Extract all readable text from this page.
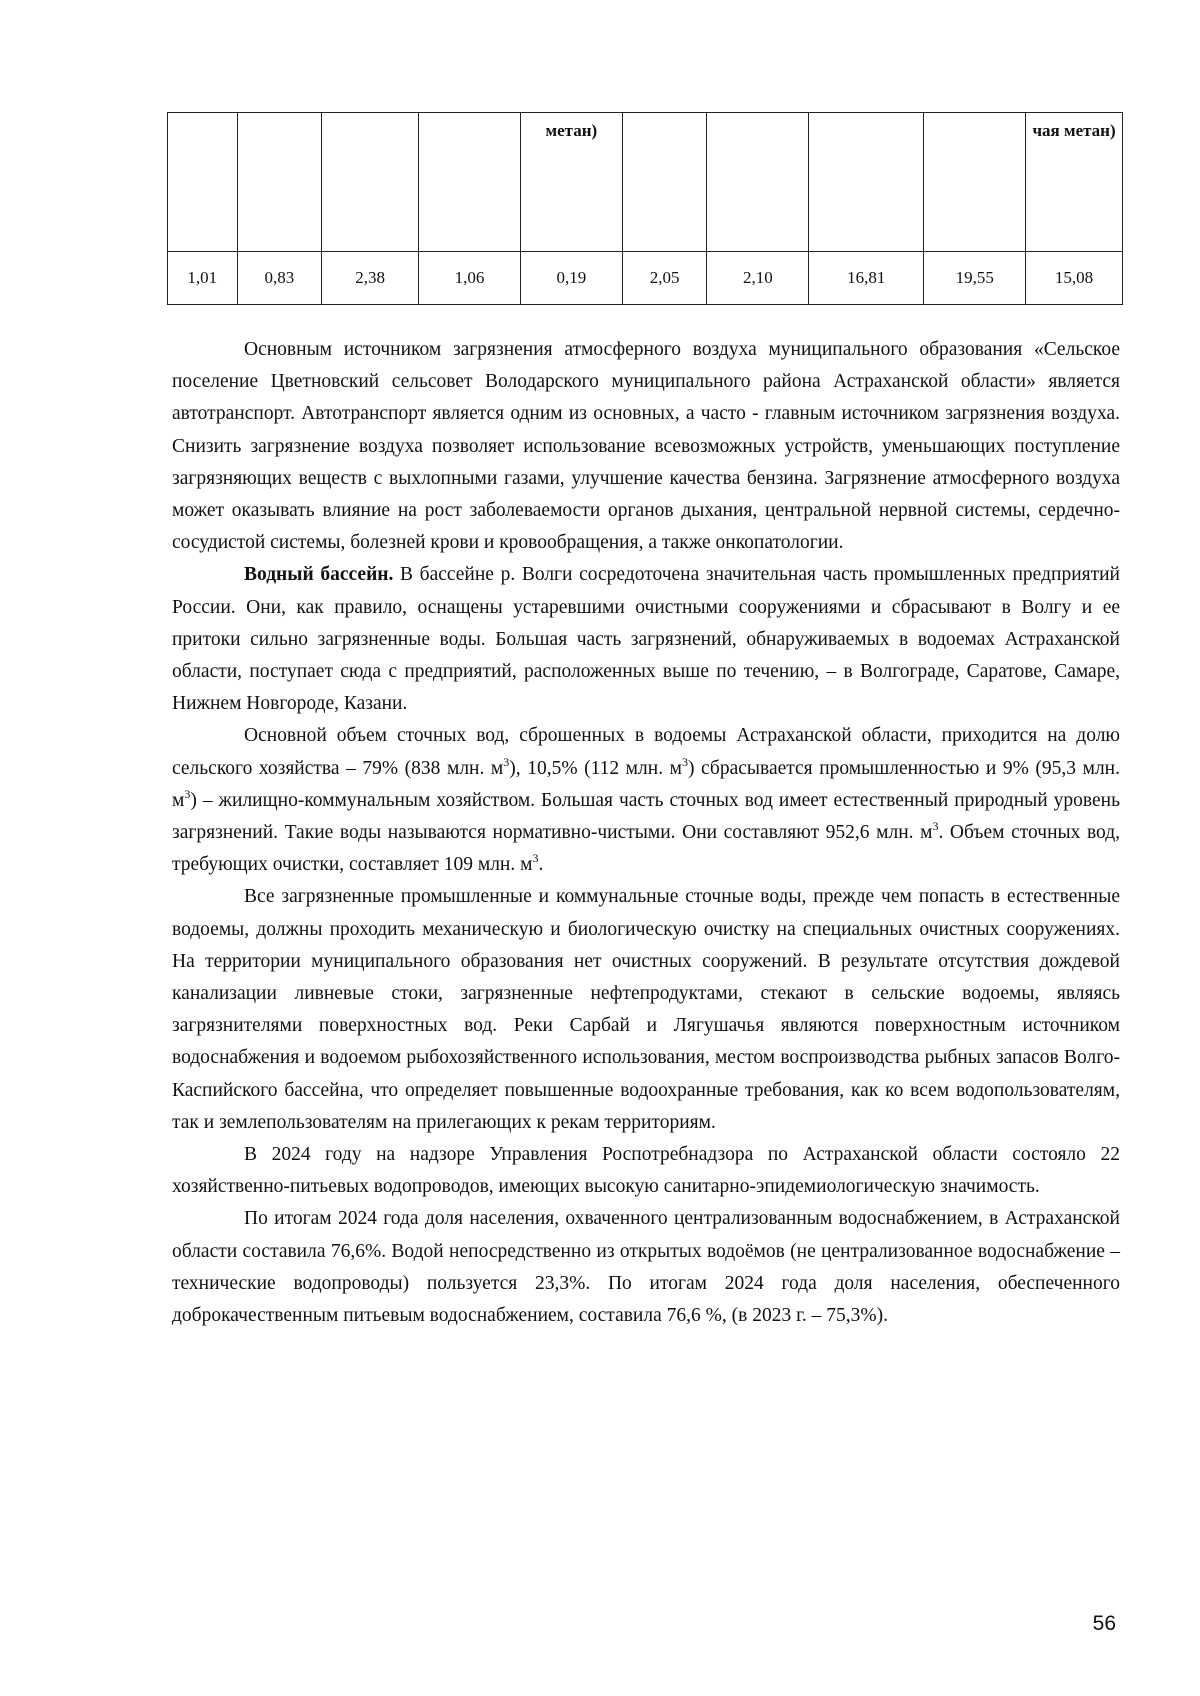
				метан)					чая метан)
1,01	0,83	2,38	1,06	0,19	2,05	2,10	16,81	19,55	15,08

Основным источником загрязнения атмосферного воздуха муниципального образования «Сельское поселение Цветновский сельсовет Володарского муниципального района Астраханской области» является автотранспорт. Автотранспорт является одним из основных, а часто - главным источником загрязнения воздуха. Снизить загрязнение воздуха позволяет использование всевозможных устройств, уменьшающих поступление загрязняющих веществ с выхлопными газами, улучшение качества бензина. Загрязнение атмосферного воздуха может оказывать влияние на рост заболеваемости органов дыхания, центральной нервной системы, сердечно-сосудистой системы, болезней крови и кровообращения, а также онкопатологии.

Водный бассейн. В бассейне р. Волги сосредоточена значительная часть промышленных предприятий России. Они, как правило, оснащены устаревшими очистными сооружениями и сбрасывают в Волгу и ее притоки сильно загрязненные воды. Большая часть загрязнений, обнаруживаемых в водоемах Астраханской области, поступает сюда с предприятий, расположенных выше по течению, – в Волгограде, Саратове, Самаре, Нижнем Новгороде, Казани.

Основной объем сточных вод, сброшенных в водоемы Астраханской области, приходится на долю сельского хозяйства – 79% (838 млн. $м^3$), 10,5% (112 млн. $м^3$) сбрасывается промышленностью и 9% (95,3 млн. $м^3$) – жилищно-коммунальным хозяйством. Большая часть сточных вод имеет естественный природный уровень загрязнений. Такие воды называются нормативно-чистыми. Они составляют 952,6 млн. $м^3$. Объем сточных вод, требующих очистки, составляет 109 млн. $м^3$.

Все загрязненные промышленные и коммунальные сточные воды, прежде чем попасть в естественные водоемы, должны проходить механическую и биологическую очистку на специальных очистных сооружениях. На территории муниципального образования нет очистных сооружений. В результате отсутствия дождевой канализации ливневые стоки, загрязненные нефтепродуктами, стекают в сельские водоемы, являясь загрязнителями поверхностных вод. Реки Сарбай и Лягушачья являются поверхностным источником водоснабжения и водоемом рыбохозяйственного использования, местом воспроизводства рыбных запасов Волго-Каспийского бассейна, что определяет повышенные водоохранные требования, как ко всем водопользователям, так и землепользователям на прилегающих к рекам территориям.

В 2024 году на надзоре Управления Роспотребнадзора по Астраханской области состояло 22 хозяйственно-питьевых водопроводов, имеющих высокую санитарно-эпидемиологическую значимость.

По итогам 2024 года доля населения, охваченного централизованным водоснабжением, в Астраханской области составила 76,6%. Водой непосредственно из открытых водоёмов (не централизованное водоснабжение – технические водопроводы) пользуется 23,3%. По итогам 2024 года доля населения, обеспеченного доброкачественным питьевым водоснабжением, составила 76,6 %, (в 2023 г. – 75,3%).

56
